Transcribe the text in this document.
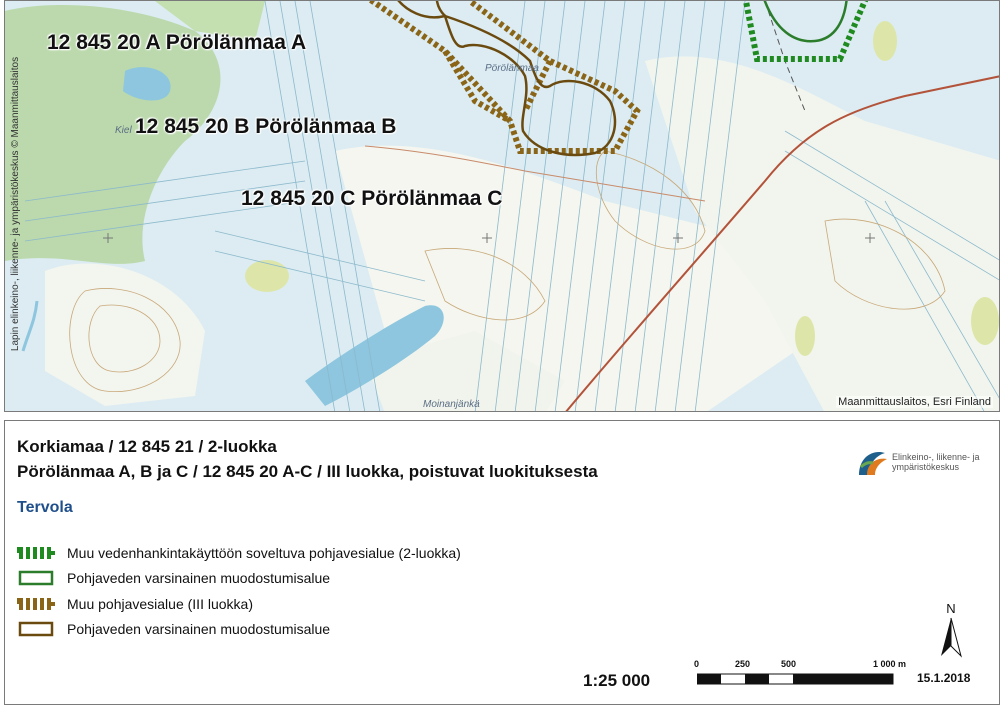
12 845 20 A Pörölänmaa A
12 845 20 B Pörölänmaa B
12 845 20 C Pörölänmaa C
Pörölänmaa
Kiel
Moinanjänkä
Lapin elinkeino-, liikenne- ja ympäristökeskus © Maanmittauslaitos
Maanmittauslaitos, Esri Finland
Korkiamaa / 12 845 21 / 2-luokka
Pörölänmaa A, B ja C / 12 845 20 A-C / III luokka, poistuvat luokituksesta
Tervola
Elinkeino-, liikenne- ja
ympäristökeskus
Muu vedenhankintakäyttöön soveltuva pohjavesialue (2-luokka)
Pohjaveden varsinainen muodostumisalue
Muu pohjavesialue (III luokka)
Pohjaveden varsinainen muodostumisalue
N
1:25 000
0	250	500	1 000 m
15.1.2018
